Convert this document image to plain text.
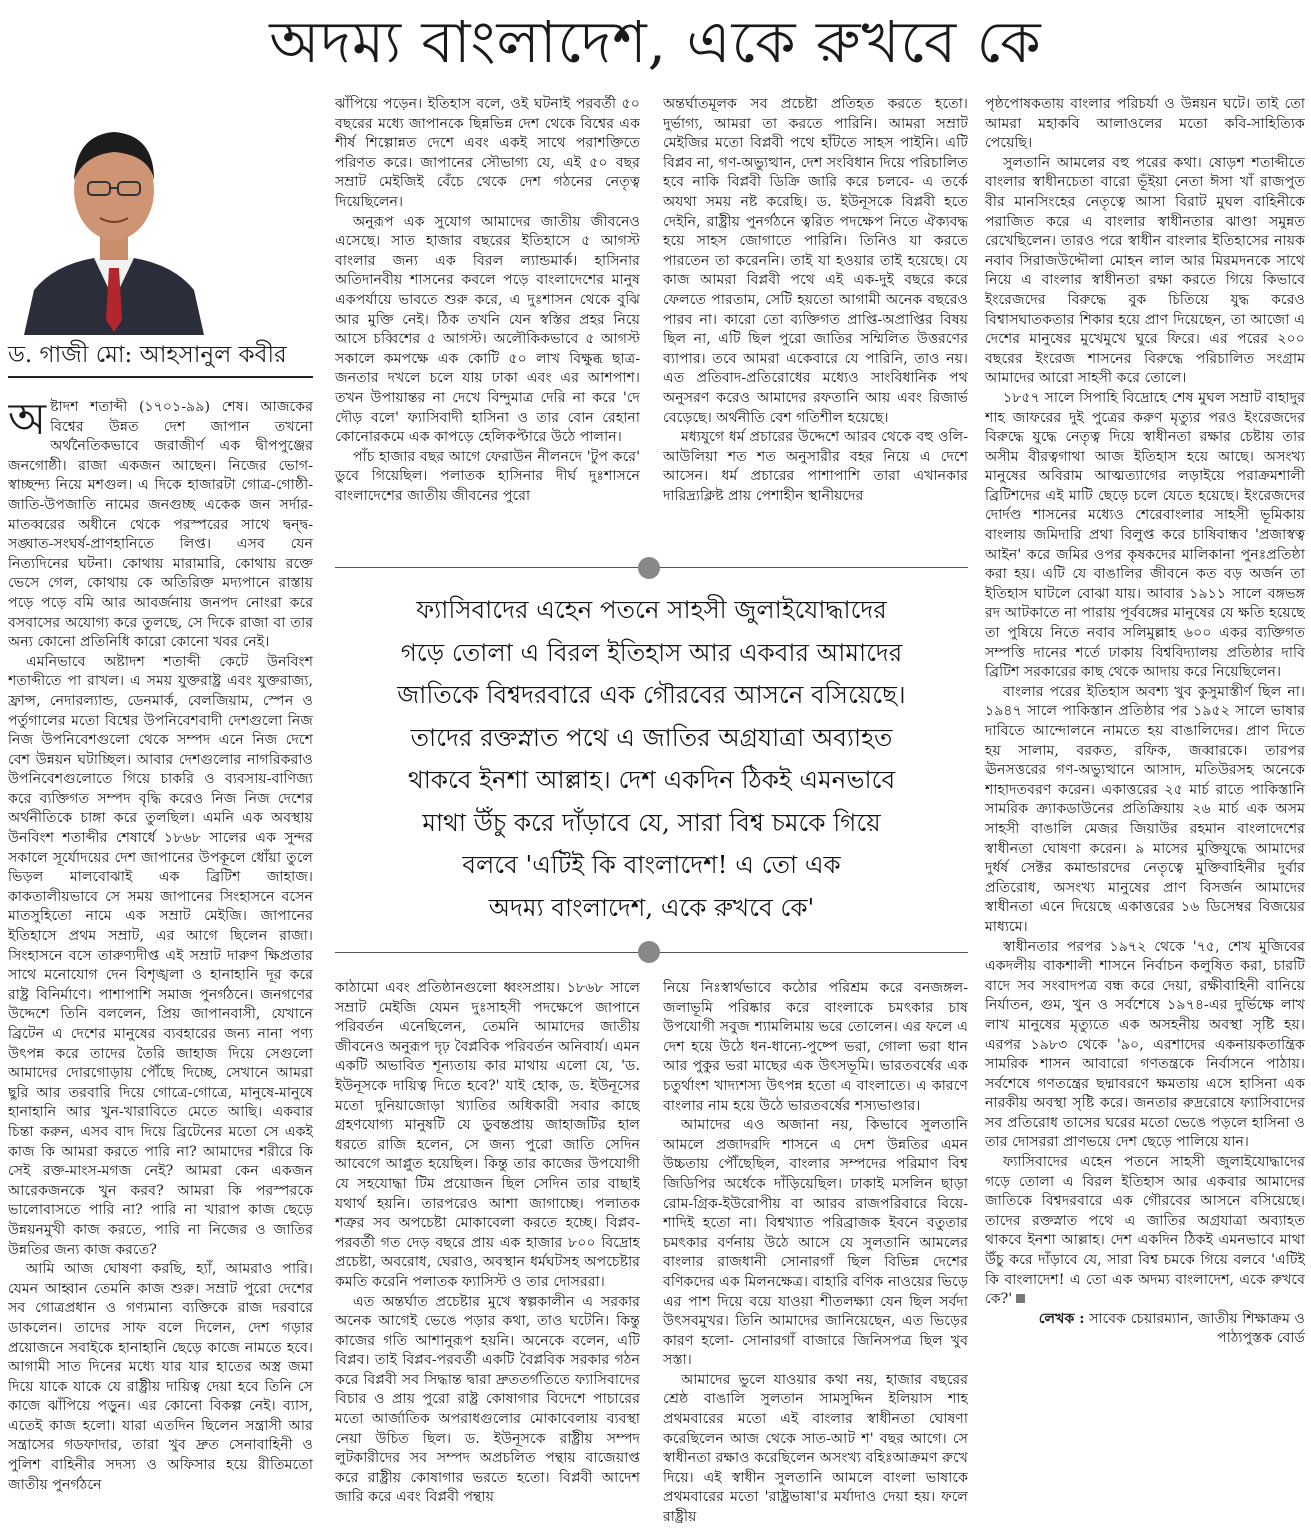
অদম্য বাংলাদেশ, একে রুখবে কে
ড. গাজী মো: আহসানুল কবীর

অষ্টাদশ শতাব্দী (১৭০১-৯৯) শেষ। আজকের বিশ্বের উন্নত দেশ জাপান তখনো অর্থনৈতিকভাবে জরাজীর্ণ এক দ্বীপপুঞ্জের জনগোষ্ঠী। রাজা একজন আছেন। নিজের ভোগ-স্বাচ্ছন্দ্য নিয়ে মশগুল। এ দিকে হাজারটা গোত্র-গোষ্ঠী-জাতি-উপজাতি নামের জনগুচ্ছ একেক জন সর্দার-মাতব্বরের অধীনে থেকে পরস্পরের সাথে দ্বন্দ্ব-সঙ্ঘাত-সংঘর্ষ-প্রাণহানিতে লিপ্ত। এসব যেন নিত্যদিনের ঘটনা। কোথায় মারামারি, কোথায় রক্তে ভেসে গেল, কোথায় কে অতিরিক্ত মদ্যপানে রাস্তায় পড়ে পড়ে বমি আর আবর্জনায় জনপদ নোংরা করে বসবাসের অযোগ্য করে তুলছে, সে দিকে রাজা বা তার অন্য কোনো প্রতিনিধি কারো কোনো খবর নেই।

এমনিভাবে অষ্টাদশ শতাব্দী কেটে উনবিংশ শতাব্দীতে পা রাখল। এ সময় যুক্তরাষ্ট্র এবং যুক্তরাজ্য, ফ্রান্স, নেদারল্যান্ড, ডেনমার্ক, বেলজিয়াম, স্পেন ও পর্তুগালের মতো বিশ্বের উপনিবেশবাদী দেশগুলো নিজ নিজ উপনিবেশগুলো থেকে সম্পদ এনে নিজ দেশে বেশ উন্নয়ন ঘটাচ্ছিল। আবার দেশগুলোর নাগরিকরাও উপনিবেশগুলোতে গিয়ে চাকরি ও ব্যবসায়-বাণিজ্য করে ব্যক্তিগত সম্পদ বৃদ্ধি করেও নিজ নিজ দেশের অর্থনীতিকে চাঙ্গা করে তুলছিল। এমনি এক অবস্থায় উনবিংশ শতাব্দীর শেষার্ধে ১৮৬৮ সালের এক সুন্দর সকালে সূর্যোদয়ের দেশ জাপানের উপকূলে ধোঁয়া তুলে ভিড়ল মালবোঝাই এক ব্রিটিশ জাহাজ। কাকতালীয়ভাবে সে সময় জাপানের সিংহাসনে বসেন মাতসুহিতো নামে এক সম্রাট মেইজি। জাপানের ইতিহাসে প্রথম সম্রাট, এর আগে ছিলেন রাজা। সিংহাসনে বসে তারুণ্যদীপ্ত এই সম্রাট দারুণ ক্ষিপ্রতার সাথে মনোযোগ দেন বিশৃঙ্খলা ও হানাহানি দূর করে রাষ্ট্র বিনির্মাণে। পাশাপাশি সমাজ পুনর্গঠনে। জনগণের উদ্দেশে তিনি বললেন, প্রিয় জাপানবাসী, যেখানে ব্রিটেন এ দেশের মানুষের ব্যবহারের জন্য নানা পণ্য উৎপন্ন করে তাদের তৈরি জাহাজ দিয়ে সেগুলো আমাদের দোরগোড়ায় পৌঁছে দিচ্ছে, সেখানে আমরা ছুরি আর তরবারি দিয়ে গোত্রে-গোত্রে, মানুষে-মানুষে হানাহানি আর খুন-খারাবিতে মেতে আছি। একবার চিন্তা করুন, এসব বাদ দিয়ে ব্রিটেনের মতো সে একই কাজ কি আমরা করতে পারি না? আমাদের শরীরে কি সেই রক্ত-মাংস-মগজ নেই? আমরা কেন একজন আরেকজনকে খুন করব? আমরা কি পরস্পরকে ভালোবাসতে পারি না? পারি না খারাপ কাজ ছেড়ে উন্নয়নমুখী কাজ করতে, পারি না নিজের ও জাতির উন্নতির জন্য কাজ করতে?

আমি আজ ঘোষণা করছি, হ্যাঁ, আমরাও পারি। যেমন আহ্বান তেমনি কাজ শুরু। সম্রাট পুরো দেশের সব গোত্রপ্রধান ও গণ্যমান্য ব্যক্তিকে রাজ দরবারে ডাকলেন। তাদের সাফ বলে দিলেন, দেশ গড়ার প্রয়োজনে সবাইকে হানাহানি ছেড়ে কাজে নামতে হবে। আগামী সাত দিনের মধ্যে যার যার হাতের অস্ত্র জমা দিয়ে যাকে যাকে যে রাষ্ট্রীয় দায়িত্ব দেয়া হবে তিনি সে কাজে ঝাঁপিয়ে পড়ুন। এর কোনো বিকল্প নেই। ব্যাস, এতেই কাজ হলো। যারা এতদিন ছিলেন সন্ত্রাসী আর সন্ত্রাসের গডফাদার, তারা খুব দ্রুত সেনাবাহিনী ও পুলিশ বাহিনীর সদস্য ও অফিসার হয়ে রীতিমতো জাতীয় পুনর্গঠনে

ঝাঁপিয়ে পড়েন। ইতিহাস বলে, ওই ঘটনাই পরবর্তী ৫০ বছরের মধ্যে জাপানকে ছিন্নভিন্ন দেশ থেকে বিশ্বের এক শীর্ষ শিল্পোন্নত দেশে এবং একই সাথে পরাশক্তিতে পরিণত করে। জাপানের সৌভাগ্য যে, এই ৫০ বছর সম্রাট মেইজিই বেঁচে থেকে দেশ গঠনের নেতৃত্ব দিয়েছিলেন।

অনুরূপ এক সুযোগ আমাদের জাতীয় জীবনেও এসেছে। সাত হাজার বছরের ইতিহাসে ৫ আগস্ট বাংলার জন্য এক বিরল ল্যান্ডমার্ক। হাসিনার অতিদানবীয় শাসনের কবলে পড়ে বাংলাদেশের মানুষ একপর্যায়ে ভাবতে শুরু করে, এ দুঃশাসন থেকে বুঝি আর মুক্তি নেই। ঠিক তখনি যেন স্বস্তির প্রহর নিয়ে আসে চব্বিশের ৫ আগস্ট। অলৌকিকভাবে ৫ আগস্ট সকালে কমপক্ষে এক কোটি ৫০ লাখ বিক্ষুব্ধ ছাত্র-জনতার দখলে চলে যায় ঢাকা এবং এর আশপাশ। তখন উপায়ান্তর না দেখে বিন্দুমাত্র দেরি না করে 'দে দৌড় বলে' ফ্যাসিবাদী হাসিনা ও তার বোন রেহানা কোনোরকমে এক কাপড়ে হেলিকপ্টারে উঠে পালান।

পাঁচ হাজার বছর আগে ফেরাউন নীলনদে 'টুপ করে' ডুবে গিয়েছিল। পলাতক হাসিনার দীর্ঘ দুঃশাসনে বাংলাদেশের জাতীয় জীবনের পুরো

অন্তর্ঘাতমূলক সব প্রচেষ্টা প্রতিহত করতে হতো। দুর্ভাগ্য, আমরা তা করতে পারিনি। আমরা সম্রাট মেইজির মতো বিপ্লবী পথে হাঁটতে সাহস পাইনি। এটি বিপ্লব না, গণ-অভ্যুত্থান, দেশ সংবিধান দিয়ে পরিচালিত হবে নাকি বিপ্লবী ডিক্রি জারি করে চলবে- এ তর্কে অযথা সময় নষ্ট করেছি। ড. ইউনূসকে বিপ্লবী হতে দেইনি, রাষ্ট্রীয় পুনর্গঠনে ত্বরিত পদক্ষেপ নিতে ঐক্যবদ্ধ হয়ে সাহস জোগাতে পারিনি। তিনিও যা করতে পারতেন তা করেননি। তাই যা হওয়ার তাই হয়েছে। যে কাজ আমরা বিপ্লবী পথে এই এক-দুই বছরে করে ফেলতে পারতাম, সেটি হয়তো আগামী অনেক বছরেও পারব না। কারো তো ব্যক্তিগত প্রাপ্তি-অপ্রাপ্তির বিষয় ছিল না, এটি ছিল পুরো জাতির সম্মিলিত উত্তরণের ব্যাপার। তবে আমরা একেবারে যে পারিনি, তাও নয়। এত প্রতিবাদ-প্রতিরোধের মধ্যেও সাংবিধানিক পথ অনুসরণ করেও আমাদের রফতানি আয় এবং রিজার্ভ বেড়েছে। অর্থনীতি বেশ গতিশীল হয়েছে।

মধ্যযুগে ধর্ম প্রচারের উদ্দেশে আরব থেকে বহু ওলি-আউলিয়া শত শত অনুসারীর বহর নিয়ে এ দেশে আসেন। ধর্ম প্রচারের পাশাপাশি তারা এখানকার দারিদ্র্যক্লিষ্ট প্রায় পেশাহীন স্থানীয়দের

ফ্যাসিবাদের এহেন পতনে সাহসী জুলাইযোদ্ধাদের
গড়ে তোলা এ বিরল ইতিহাস আর একবার আমাদের
জাতিকে বিশ্বদরবারে এক গৌরবের আসনে বসিয়েছে।
তাদের রক্তস্নাত পথে এ জাতির অগ্রযাত্রা অব্যাহত
থাকবে ইনশা আল্লাহ। দেশ একদিন ঠিকই এমনভাবে
মাথা উঁচু করে দাঁড়াবে যে, সারা বিশ্ব চমকে গিয়ে
বলবে 'এটিই কি বাংলাদেশ! এ তো এক
অদম্য বাংলাদেশ, একে রুখবে কে'

কাঠামো এবং প্রতিষ্ঠানগুলো ধ্বংসপ্রায়। ১৮৬৮ সালে সম্রাট মেইজি যেমন দুঃসাহসী পদক্ষেপে জাপানে পরিবর্তন এনেছিলেন, তেমনি আমাদের জাতীয় জীবনেও অনুরূপ দৃঢ় বৈপ্লবিক পরিবর্তন অনিবার্য। এমন একটি অভাবিত শূন্যতায় কার মাথায় এলো যে, 'ড. ইউনূসকে দায়িত্ব দিতে হবে?' যাই হোক, ড. ইউনূসের মতো দুনিয়াজোড়া খ্যাতির অধিকারী সবার কাছে গ্রহণযোগ্য মানুষটি যে ডুবন্তপ্রায় জাহাজটির হাল ধরতে রাজি হলেন, সে জন্য পুরো জাতি সেদিন আবেগে আপ্লুত হয়েছিল। কিন্তু তার কাজের উপযোগী যে সহযোদ্ধা টিম প্রয়োজন ছিল সেদিন তার বাছাই যথার্থ হয়নি। তারপরেও আশা জাগাচ্ছে। পলাতক শত্রুর সব অপচেষ্টা মোকাবেলা করতে হচ্ছে। বিপ্লব-পরবর্তী গত দেড় বছরে প্রায় এক হাজার ৮০০ বিদ্রোহ প্রচেষ্টা, অবরোধ, ঘেরাও, অবস্থান ধর্মঘটসহ অপচেষ্টার কমতি করেনি পলাতক ফ্যাসিস্ট ও তার দোসররা।

এত অন্তর্ঘাত প্রচেষ্টার মুখে স্বল্পকালীন এ সরকার অনেক আগেই ভেঙে পড়ার কথা, তাও ঘটেনি। কিন্তু কাজের গতি আশানুরূপ হয়নি। অনেকে বলেন, এটি বিপ্লব। তাই বিপ্লব-পরবর্তী একটি বৈপ্লবিক সরকার গঠন করে বিপ্লবী সব সিদ্ধান্ত দ্বারা দ্রুততর্গতিতে ফ্যাসিবাদের বিচার ও প্রায় পুরো রাষ্ট্র কোষাগার বিদেশে পাচারের মতো আর্জাতিক অপরাধগুলোর মোকাবেলায় ব্যবস্থা নেয়া উচিত ছিল। ড. ইউনূসকে রাষ্ট্রীয় সম্পদ লুটকারীদের সব সম্পদ অপ্রচলিত পন্থায় বাজেয়াপ্ত করে রাষ্ট্রীয় কোষাগার ভরতে হতো। বিপ্লবী আদেশ জারি করে এবং বিপ্লবী পন্থায়

নিয়ে নিঃস্বার্থভাবে কঠোর পরিশ্রম করে বনজঙ্গল-জলাভূমি পরিষ্কার করে বাংলাকে চমৎকার চাষ উপযোগী সবুজ শ্যামলিমায় ভরে তোলেন। এর ফলে এ দেশ হয়ে উঠে ধন-ধান্যে-পুষ্পে ভরা, গোলা ভরা ধান আর পুকুর ভরা মাছের এক উৎসভূমি। ভারতবর্ষের এক চতুর্থাংশ খাদ্যশস্য উৎপন্ন হতো এ বাংলাতে। এ কারণে বাংলার নাম হয়ে উঠে ভারতবর্ষের শস্যভাণ্ডার।

আমাদের এও অজানা নয়, কিভাবে সুলতানি আমলে প্রজাদরদি শাসনে এ দেশ উন্নতির এমন উচ্চতায় পৌঁছেছিল, বাংলার সম্পদের পরিমাণ বিশ্ব জিডিপির অর্ধেকে দাঁড়িয়েছিল। ঢাকাই মসলিন ছাড়া রোম-গ্রিক-ইউরোপীয় বা আরব রাজপরিবারে বিয়ে-শাদিই হতো না। বিশ্বখ্যাত পরিব্রাজক ইবনে বতুতার চমৎকার বর্ণনায় উঠে আসে যে সুলতানি আমলের বাংলার রাজধানী সোনারগাঁ ছিল বিভিন্ন দেশের বণিকদের এক মিলনক্ষেত্র। বাহারি বণিক নাওয়ের ভিড়ে এর পাশ দিয়ে বয়ে যাওয়া শীতলক্ষ্যা যেন ছিল সর্বদা উৎসবমুখর। তিনি আমাদের জানিয়েছেন, এত ভিড়ের কারণ হলো- সোনারগাঁ বাজারে জিনিসপত্র ছিল খুব সস্তা।

আমাদের ভুলে যাওয়ার কথা নয়, হাজার বছরের শ্রেষ্ঠ বাঙালি সুলতান সামসুদ্দিন ইলিয়াস শাহ প্রথমবারের মতো এই বাংলার স্বাধীনতা ঘোষণা করেছিলেন আজ থেকে সাত-আট শ' বছর আগে। সে স্বাধীনতা রক্ষাও করেছিলেন অসংখ্য বহিঃআক্রমণ রুখে দিয়ে। এই স্বাধীন সুলতানি আমলে বাংলা ভাষাকে প্রথমবারের মতো 'রাষ্ট্রভাষা'র মর্যাদাও দেয়া হয়। ফলে রাষ্ট্রীয়

পৃষ্ঠপোষকতায় বাংলার পরিচর্যা ও উন্নয়ন ঘটে। তাই তো আমরা মহাকবি আলাওলের মতো কবি-সাহিত্যিক পেয়েছি।

সুলতানি আমলের বহু পরের কথা। ষোড়শ শতাব্দীতে বাংলার স্বাধীনচেতা বারো ভূঁইয়া নেতা ঈসা খাঁ রাজপুত বীর মানসিংহের নেতৃত্বে আসা বিরাট মুঘল বাহিনীকে পরাজিত করে এ বাংলার স্বাধীনতার ঝাণ্ডা সমুন্নত রেখেছিলেন। তারও পরে স্বাধীন বাংলার ইতিহাসের নায়ক নবাব সিরাজউদ্দৌলা মোহন লাল আর মিরমদনকে সাথে নিয়ে এ বাংলার স্বাধীনতা রক্ষা করতে গিয়ে কিভাবে ইংরেজদের বিরুদ্ধে বুক চিতিয়ে যুদ্ধ করেও বিশ্বাসঘাতকতার শিকার হয়ে প্রাণ দিয়েছেন, তা আজো এ দেশের মানুষের মুখেমুখে ঘুরে ফিরে। এর পরের ২০০ বছরের ইংরেজ শাসনের বিরুদ্ধে পরিচালিত সংগ্রাম আমাদের আরো সাহসী করে তোলে।

১৮৫৭ সালে সিপাহি বিদ্রোহে শেষ মুঘল সম্রাট বাহাদুর শাহ জাফরের দুই পুত্রের করুণ মৃত্যুর পরও ইংরেজদের বিরুদ্ধে যুদ্ধে নেতৃত্ব দিয়ে স্বাধীনতা রক্ষার চেষ্টায় তার অসীম বীরত্বগাথা আজ ইতিহাস হয়ে আছে। অসংখ্য মানুষের অবিরাম আত্মত্যাগের লড়াইয়ে পরাক্রমশালী ব্রিটিশদের এই মাটি ছেড়ে চলে যেতে হয়েছে। ইংরেজদের দোর্দণ্ড শাসনের মধ্যেও শেরেবাংলার সাহসী ভূমিকায় বাংলায় জমিদারি প্রথা বিলুপ্ত করে চাষিবান্ধব 'প্রজাস্বত্ব আইন' করে জমির ওপর কৃষকদের মালিকানা পুনঃপ্রতিষ্ঠা করা হয়। এটি যে বাঙালির জীবনে কত বড় অর্জন তা ইতিহাস ঘাটলে বোঝা যায়। আবার ১৯১১ সালে বঙ্গভঙ্গ রদ আটকাতে না পারায় পূর্ববঙ্গের মানুষের যে ক্ষতি হয়েছে তা পুষিয়ে নিতে নবাব সলিমুল্লাহ ৬০০ একর ব্যক্তিগত সম্পত্তি দানের শর্তে ঢাকায় বিশ্ববিদ্যালয় প্রতিষ্ঠার দাবি ব্রিটিশ সরকারের কাছ থেকে আদায় করে নিয়েছিলেন।

বাংলার পরের ইতিহাস অবশ্য খুব কুসুমাস্তীর্ণ ছিল না। ১৯৪৭ সালে পাকিস্তান প্রতিষ্ঠার পর ১৯৫২ সালে ভাষার দাবিতে আন্দোলনে নামতে হয় বাঙালিদের। প্রাণ দিতে হয় সালাম, বরকত, রফিক, জব্বারকে। তারপর ঊনসত্তরের গণ-অভ্যুত্থানে আসাদ, মতিউরসহ অনেকে শাহাদতবরণ করেন। একাত্তরের ২৫ মার্চ রাতে পাকিস্তানি সামরিক ক্র্যাকডাউনের প্রতিক্রিয়ায় ২৬ মার্চ এক অসম সাহসী বাঙালি মেজর জিয়াউর রহমান বাংলাদেশের স্বাধীনতা ঘোষণা করেন। ৯ মাসের মুক্তিযুদ্ধে আমাদের দুর্ধর্ষ সেক্টর কমান্ডারদের নেতৃত্বে মুক্তিবাহিনীর দুর্বার প্রতিরোধ, অসংখ্য মানুষের প্রাণ বিসর্জন আমাদের স্বাধীনতা এনে দিয়েছে একাত্তরের ১৬ ডিসেম্বর বিজয়ের মাধ্যমে।

স্বাধীনতার পরপর ১৯৭২ থেকে '৭৫, শেখ মুজিবের একদলীয় বাকশালী শাসনে নির্বাচন কলুষিত করা, চারটি বাদে সব সংবাদপত্র বন্ধ করে দেয়া, রক্ষীবাহিনী বানিয়ে নির্যাতন, গুম, খুন ও সর্বশেষে ১৯৭৪-এর দুর্ভিক্ষে লাখ লাখ মানুষের মৃত্যুতে এক অসহনীয় অবস্থা সৃষ্টি হয়। এরপর ১৯৮৩ থেকে '৯০, এরশাদের একনায়কতান্ত্রিক সামরিক শাসন আবারো গণতন্ত্রকে নির্বাসনে পাঠায়। সর্বশেষে গণতন্ত্রের ছদ্মাবরণে ক্ষমতায় এসে হাসিনা এক নারকীয় অবস্থা সৃষ্টি করে। জনতার রুদ্ররোষে ফ্যাসিবাদের সব প্রতিরোধ তাসের ঘরের মতো ভেঙে পড়লে হাসিনা ও তার দোসররা প্রাণভয়ে দেশ ছেড়ে পালিয়ে যান।

ফ্যাসিবাদের এহেন পতনে সাহসী জুলাইযোদ্ধাদের গড়ে তোলা এ বিরল ইতিহাস আর একবার আমাদের জাতিকে বিশ্বদরবারে এক গৌরবের আসনে বসিয়েছে। তাদের রক্তস্নাত পথে এ জাতির অগ্রযাত্রা অব্যাহত থাকবে ইনশা আল্লাহ। দেশ একদিন ঠিকই এমনভাবে মাথা উঁচু করে দাঁড়াবে যে, সারা বিশ্ব চমকে গিয়ে বলবে 'এটিই কি বাংলাদেশ! এ তো এক অদম্য বাংলাদেশ, একে রুখবে কে?'

লেখক : সাবেক চেয়ারম্যান, জাতীয় শিক্ষাক্রম ও পাঠ্যপুস্তক বোর্ড
